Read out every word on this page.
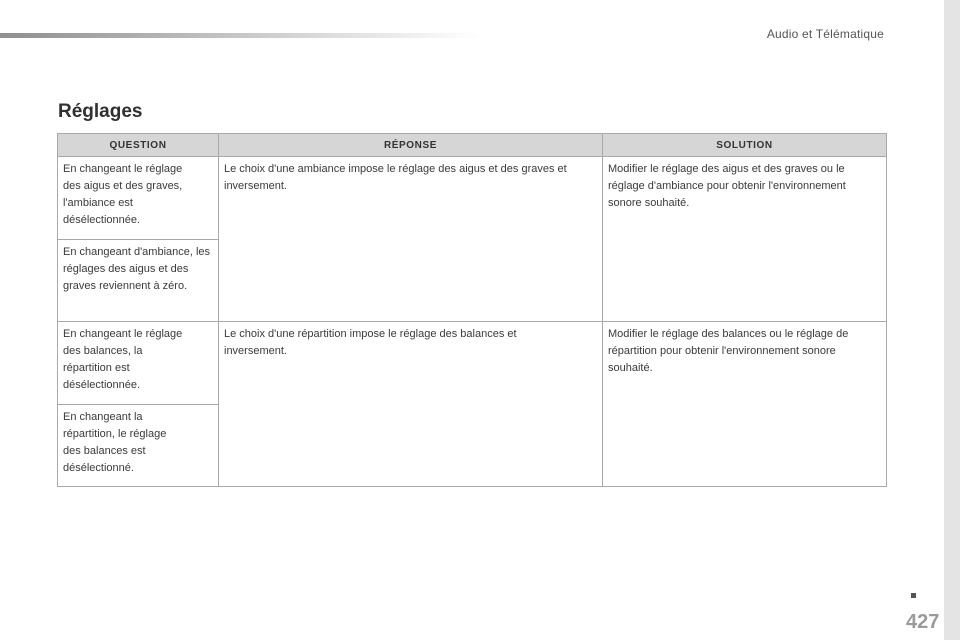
Audio et Télématique
Réglages
QUESTION	RÉPONSE	SOLUTION
En changeant le réglage des aigus et des graves, l'ambiance est désélectionnée.	Le choix d'une ambiance impose le réglage des aigus et des graves et inversement.	Modifier le réglage des aigus et des graves ou le réglage d'ambiance pour obtenir l'environnement sonore souhaité.
En changeant d'ambiance, les réglages des aigus et des graves reviennent à zéro.		
En changeant le réglage des balances, la répartition est désélectionnée.	Le choix d'une répartition impose le réglage des balances et inversement.	Modifier le réglage des balances ou le réglage de répartition pour obtenir l'environnement sonore souhaité.
En changeant la répartition, le réglage des balances est désélectionné.		
427
